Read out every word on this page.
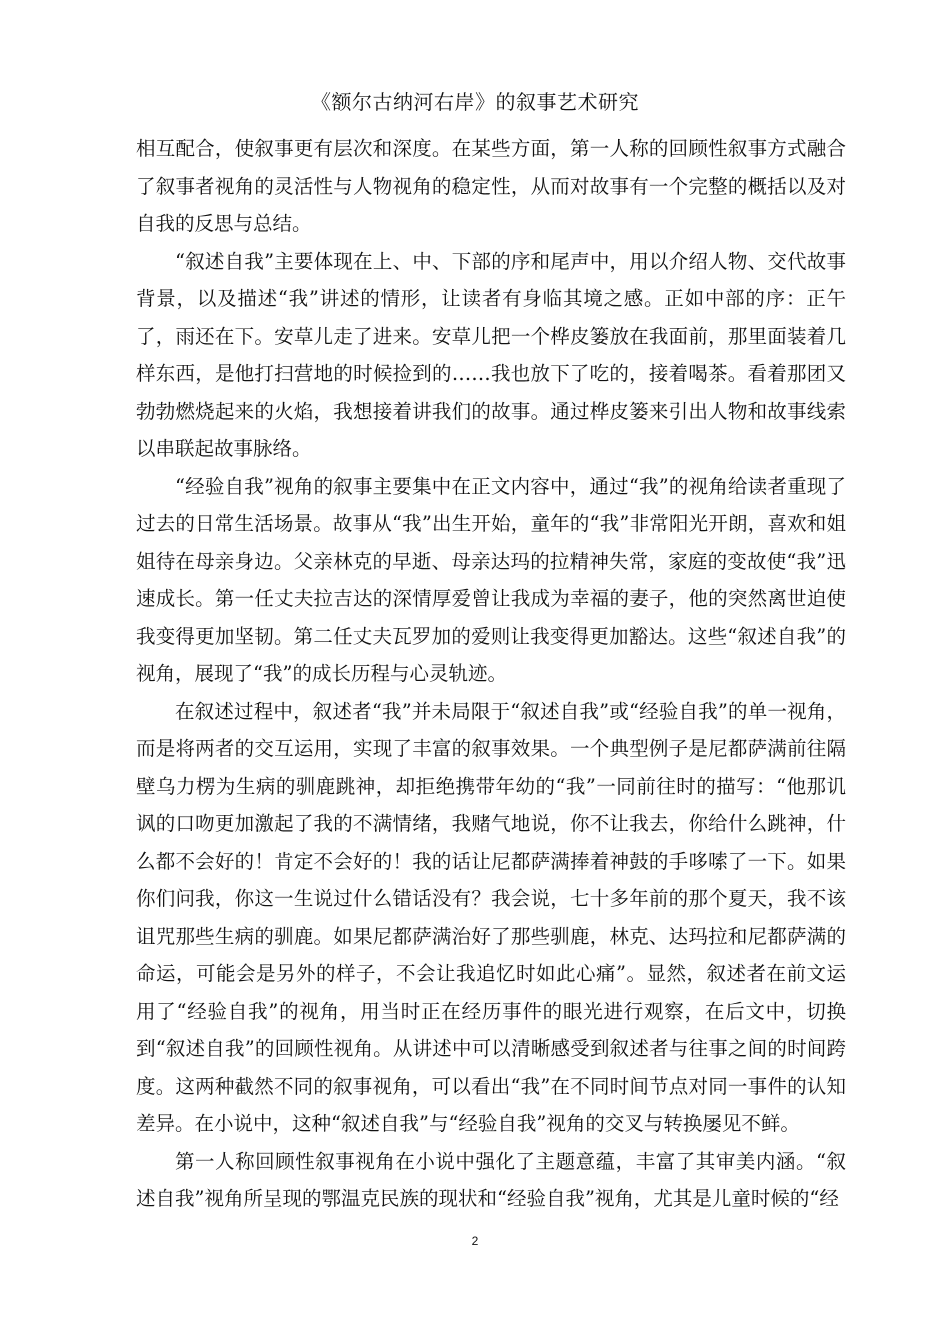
《额尔古纳河右岸》的叙事艺术研究

相互配合，使叙事更有层次和深度。在某些方面，第一人称的回顾性叙事方式融合了叙事者视角的灵活性与人物视角的稳定性，从而对故事有一个完整的概括以及对自我的反思与总结。

“叙述自我”主要体现在上、中、下部的序和尾声中，用以介绍人物、交代故事背景，以及描述“我”讲述的情形，让读者有身临其境之感。正如中部的序：正午了，雨还在下。安草儿走了进来。安草儿把一个桦皮篓放在我面前，那里面装着几样东西，是他打扫营地的时候捡到的……我也放下了吃的，接着喝茶。看着那团又勃勃燃烧起来的火焰，我想接着讲我们的故事。通过桦皮篓来引出人物和故事线索以串联起故事脉络。

“经验自我”视角的叙事主要集中在正文内容中，通过“我”的视角给读者重现了过去的日常生活场景。故事从“我”出生开始，童年的“我”非常阳光开朗，喜欢和姐姐待在母亲身边。父亲林克的早逝、母亲达玛的拉精神失常，家庭的变故使“我”迅速成长。第一任丈夫拉吉达的深情厚爱曾让我成为幸福的妻子，他的突然离世迫使我变得更加坚韧。第二任丈夫瓦罗加的爱则让我变得更加豁达。这些“叙述自我”的视角，展现了“我”的成长历程与心灵轨迹。

在叙述过程中，叙述者“我”并未局限于“叙述自我”或“经验自我”的单一视角，而是将两者的交互运用，实现了丰富的叙事效果。一个典型例子是尼都萨满前往隔壁乌力楞为生病的驯鹿跳神，却拒绝携带年幼的“我”一同前往时的描写：“他那讥讽的口吻更加激起了我的不满情绪，我赌气地说，你不让我去，你给什么跳神，什么都不会好的！肯定不会好的！我的话让尼都萨满捧着神鼓的手哆嗦了一下。如果你们问我，你这一生说过什么错话没有？我会说，七十多年前的那个夏天，我不该诅咒那些生病的驯鹿。如果尼都萨满治好了那些驯鹿，林克、达玛拉和尼都萨满的命运，可能会是另外的样子，不会让我追忆时如此心痛”。显然，叙述者在前文运用了“经验自我”的视角，用当时正在经历事件的眼光进行观察，在后文中，切换到“叙述自我”的回顾性视角。从讲述中可以清晰感受到叙述者与往事之间的时间跨度。这两种截然不同的叙事视角，可以看出“我”在不同时间节点对同一事件的认知差异。在小说中，这种“叙述自我”与“经验自我”视角的交叉与转换屡见不鲜。

第一人称回顾性叙事视角在小说中强化了主题意蕴，丰富了其审美内涵。“叙述自我”视角所呈现的鄂温克民族的现状和“经验自我”视角，尤其是儿童时候的“经

2
